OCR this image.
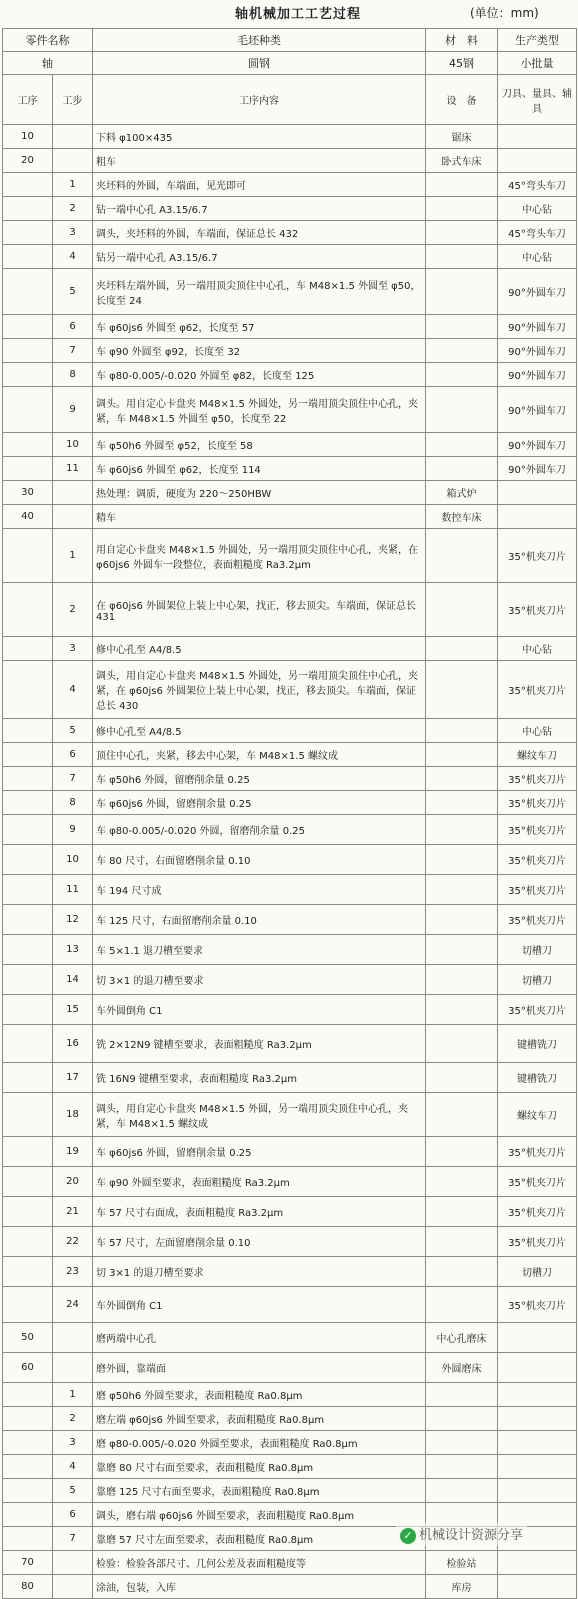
轴机械加工工艺过程	(单位：mm)
零件名称		毛坯种类	材　料	生产类型
轴		圆钢	45钢	小批量
工序	工步	工序内容	设　备	刀具、量具、辅具
10		下料 φ100×435	锯床	
20		粗车	卧式车床	
	1	夹坯料的外圆，车端面，见光即可		45°弯头车刀
	2	钻一端中心孔 A3.15/6.7		中心钻
	3	调头，夹坯料的外圆，车端面，保证总长 432		45°弯头车刀
	4	钻另一端中心孔 A3.15/6.7		中心钻
	5	夹坯料左端外圆，另一端用顶尖顶住中心孔，车 M48×1.5 外圆至 φ50，长度至 24		90°外圆车刀
	6	车 φ60js6 外圆至 φ62，长度至 57		90°外圆车刀
	7	车 φ90 外圆至 φ92，长度至 32		90°外圆车刀
	8	车 φ80-0.005/-0.020 外圆至 φ82，长度至 125		90°外圆车刀
	9	调头。用自定心卡盘夹 M48×1.5 外圆处，另一端用顶尖顶住中心孔，夹紧，车 M48×1.5 外圆至 φ50，长度至 22		90°外圆车刀
	10	车 φ50h6 外圆至 φ52，长度至 58		90°外圆车刀
	11	车 φ60js6 外圆至 φ62，长度至 114		90°外圆车刀
30		热处理：调质，硬度为 220～250HBW	箱式炉	
40		精车	数控车床	
	1	用自定心卡盘夹 M48×1.5 外圆处，另一端用顶尖顶住中心孔，夹紧，在 φ60js6 外圆车一段整位，表面粗糙度 Ra3.2μm		35°机夹刀片
	2	在 φ60js6 外圆架位上装上中心架，找正，移去顶尖。车端面，保证总长 431		35°机夹刀片
	3	修中心孔至 A4/8.5		中心钻
	4	调头，用自定心卡盘夹 M48×1.5 外圆处，另一端用顶尖顶住中心孔，夹紧，在 φ60js6 外圆架位上装上中心架，找正，移去顶尖。车端面，保证总长 430		35°机夹刀片
	5	修中心孔至 A4/8.5		中心钻
	6	顶住中心孔，夹紧，移去中心架，车 M48×1.5 螺纹成		螺纹车刀
	7	车 φ50h6 外圆，留磨削余量 0.25		35°机夹刀片
	8	车 φ60js6 外圆，留磨削余量 0.25		35°机夹刀片
	9	车 φ80-0.005/-0.020 外圆，留磨削余量 0.25		35°机夹刀片
	10	车 80 尺寸，右面留磨削余量 0.10		35°机夹刀片
	11	车 194 尺寸成		35°机夹刀片
	12	车 125 尺寸，右面留磨削余量 0.10		35°机夹刀片
	13	车 5×1.1 退刀槽至要求		切槽刀
	14	切 3×1 的退刀槽至要求		切槽刀
	15	车外圆倒角 C1		35°机夹刀片
	16	铣 2×12N9 键槽至要求，表面粗糙度 Ra3.2μm		键槽铣刀
	17	铣 16N9 键槽至要求，表面粗糙度 Ra3.2μm		键槽铣刀
	18	调头，用自定心卡盘夹 M48×1.5 外圆，另一端用顶尖顶住中心孔，夹紧，车 M48×1.5 螺纹成		螺纹车刀
	19	车 φ60js6 外圆，留磨削余量 0.25		35°机夹刀片
	20	车 φ90 外圆至要求，表面粗糙度 Ra3.2μm		35°机夹刀片
	21	车 57 尺寸右面成，表面粗糙度 Ra3.2μm		35°机夹刀片
	22	车 57 尺寸，左面留磨削余量 0.10		35°机夹刀片
	23	切 3×1 的退刀槽至要求		切槽刀
	24	车外圆倒角 C1		35°机夹刀片
50		磨两端中心孔	中心孔磨床	
60		磨外圆，靠端面	外圆磨床	
	1	磨 φ50h6 外圆至要求，表面粗糙度 Ra0.8μm		
	2	磨左端 φ60js6 外圆至要求，表面粗糙度 Ra0.8μm		
	3	磨 φ80-0.005/-0.020 外圆至要求，表面粗糙度 Ra0.8μm		
	4	靠磨 80 尺寸右面至要求，表面粗糙度 Ra0.8μm		
	5	靠磨 125 尺寸右面至要求，表面粗糙度 Ra0.8μm		
	6	调头，磨右端 φ60js6 外圆至要求，表面粗糙度 Ra0.8μm		
	7	靠磨 57 尺寸左面至要求，表面粗糙度 Ra0.8μm		
70		检验：检验各部尺寸、几何公差及表面粗糙度等	检验站	
80		涂油，包装，入库	库房	
✓ 机械设计资源分享
